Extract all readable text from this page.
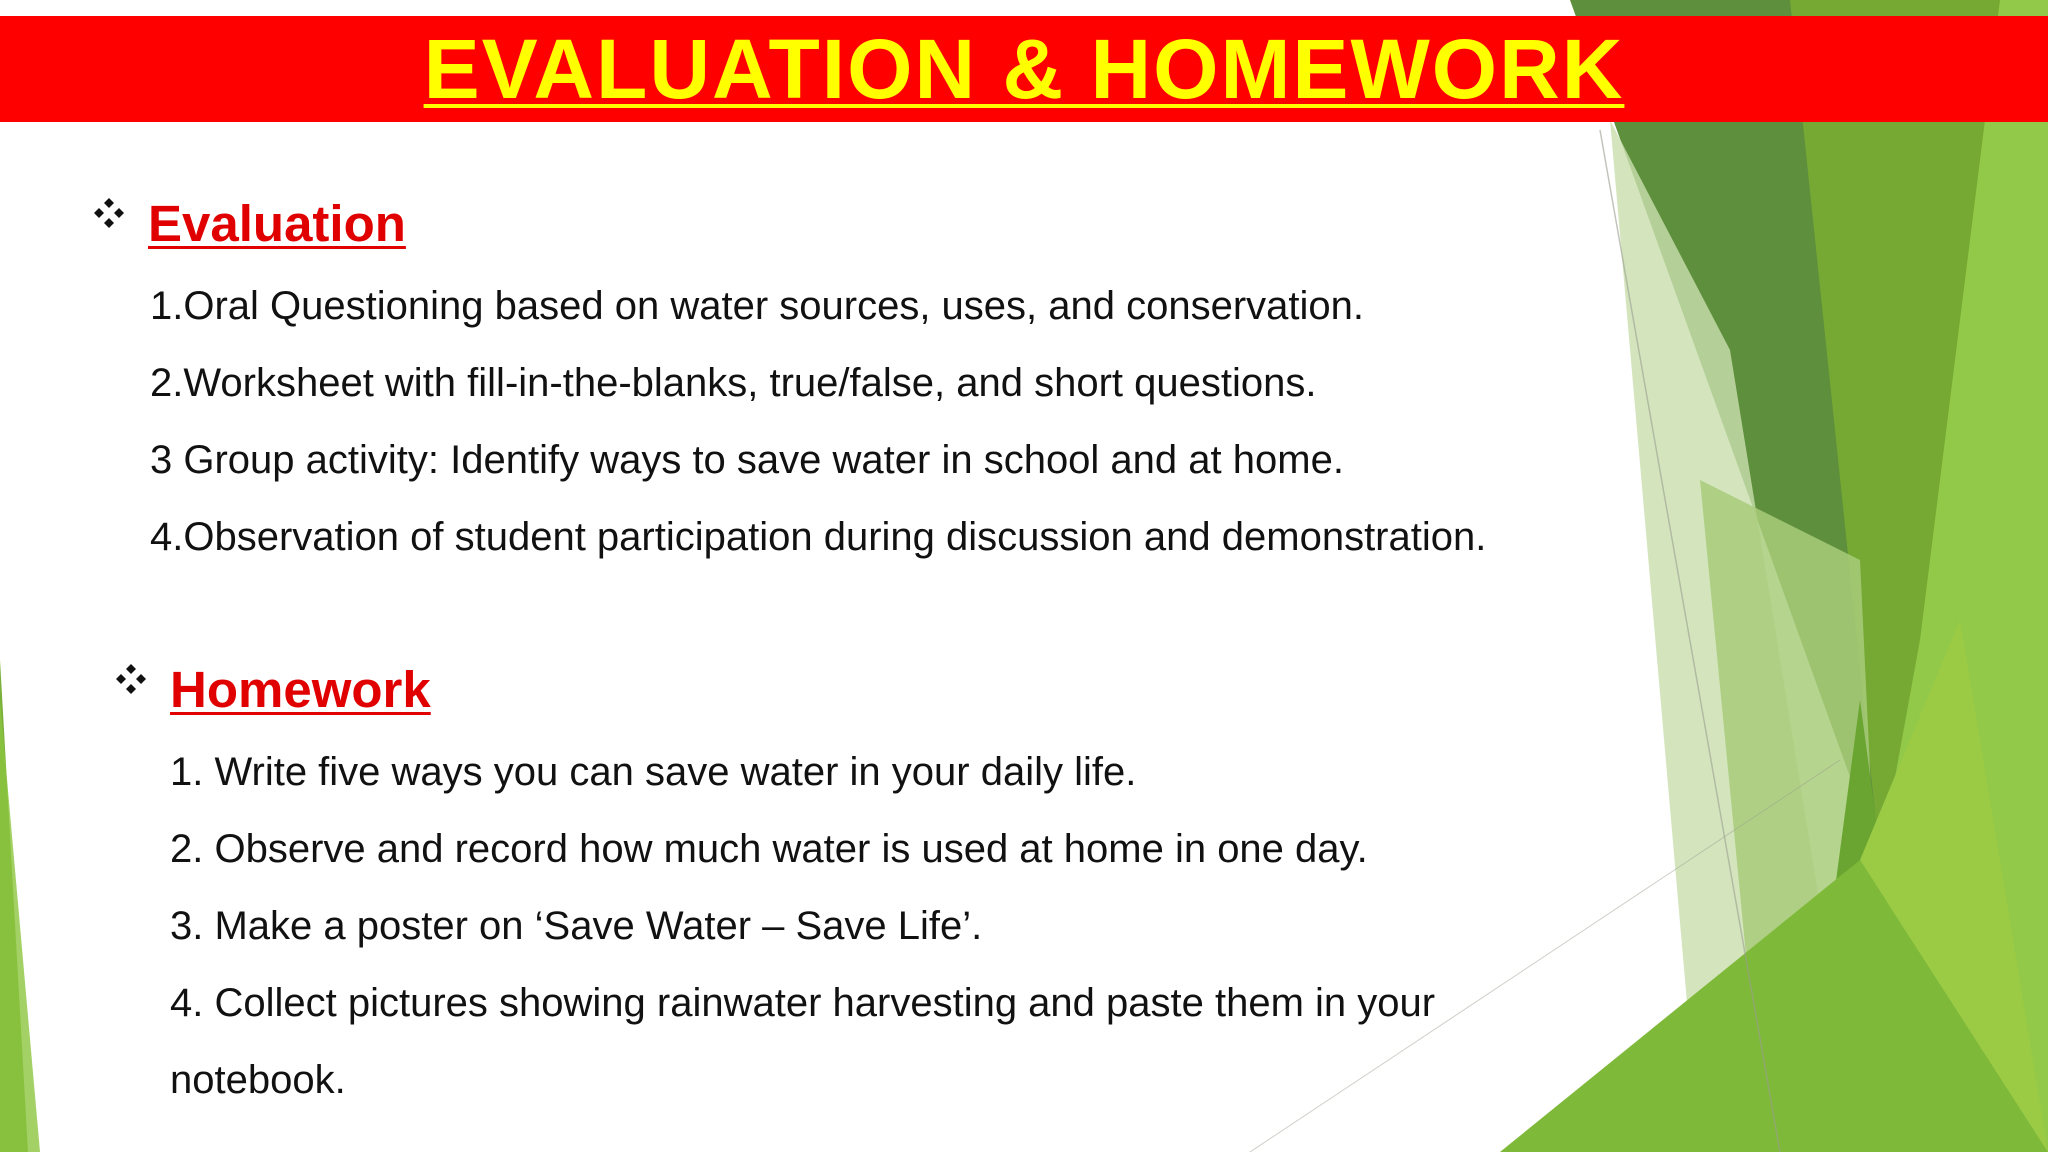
EVALUATION & HOMEWORK
Evaluation
1.Oral Questioning based on water sources, uses, and conservation.
2.Worksheet with fill-in-the-blanks, true/false, and short questions.
3 Group activity: Identify ways to save water in school and at home.
4.Observation of student participation during discussion and demonstration.
Homework
1. Write five ways you can save water in your daily life.
2. Observe and record how much water is used at home in one day.
3. Make a poster on ‘Save Water – Save Life’.
4. Collect pictures showing rainwater harvesting and paste them in your
notebook.
